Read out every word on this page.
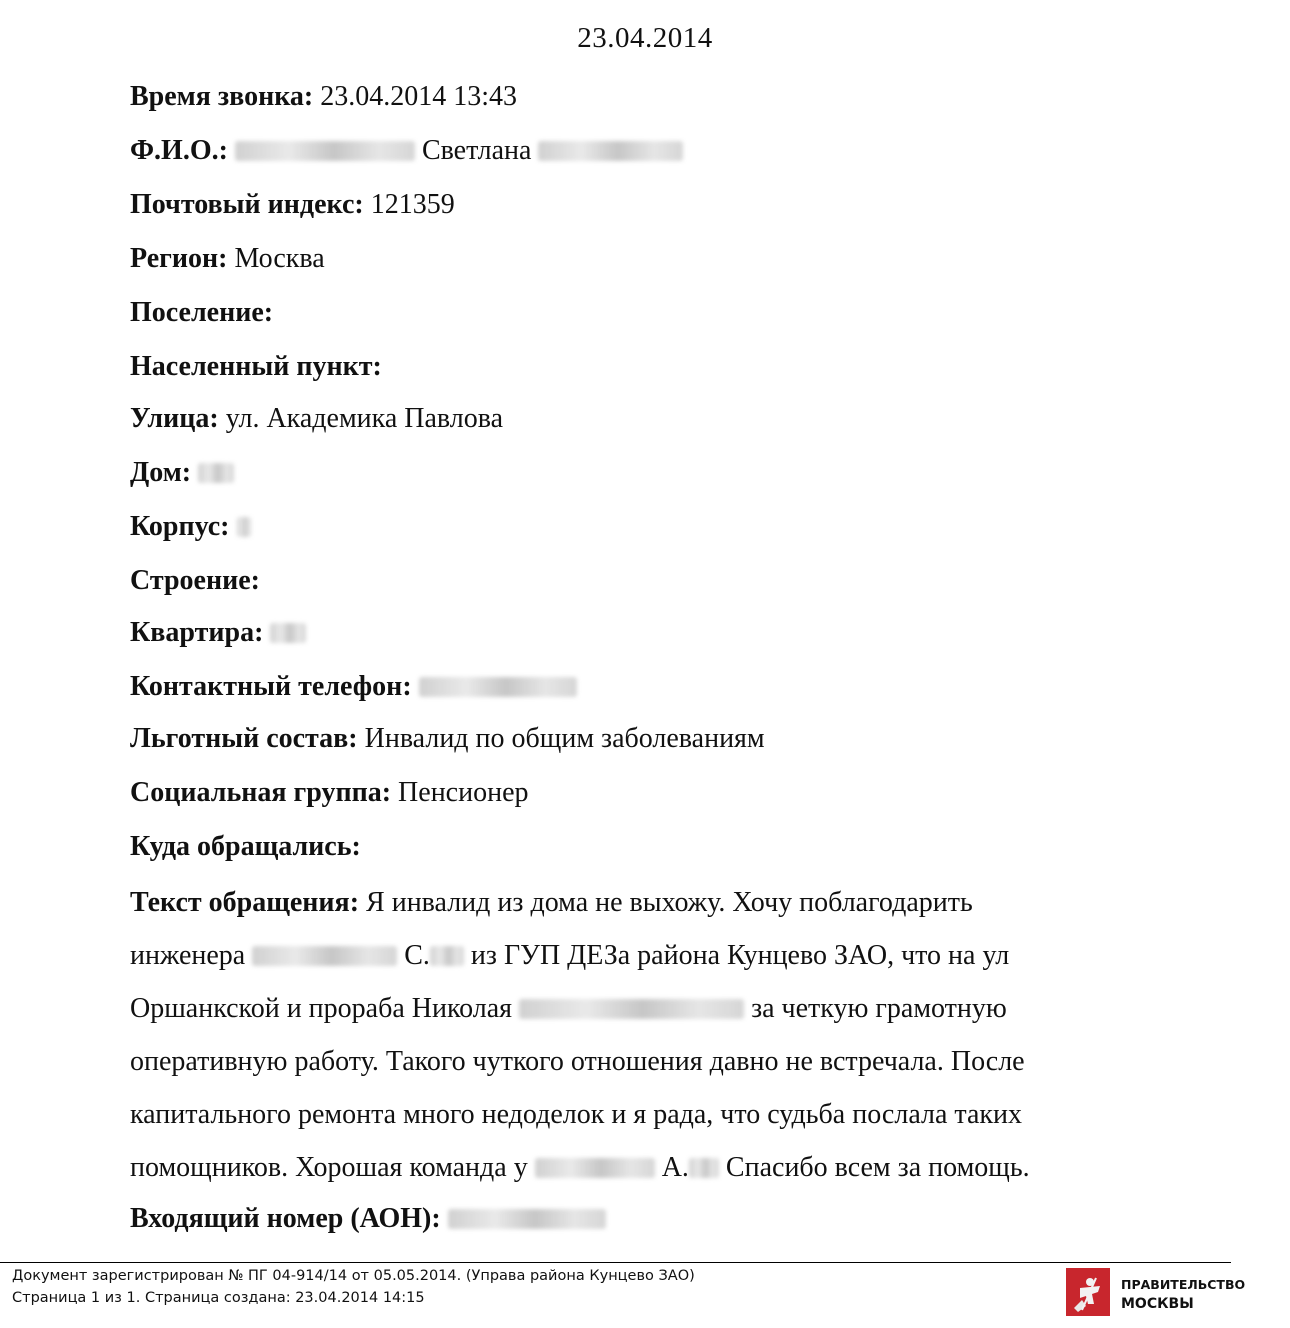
23.04.2014
Время звонка: 23.04.2014 13:43
Ф.И.О.:	Светлана
Почтовый индекс: 121359
Регион: Москва
Поселение:
Населенный пункт:
Улица: ул. Академика Павлова
Дом:
Корпус:
Строение:
Квартира:
Контактный телефон:
Льготный состав: Инвалид по общим заболеваниям
Социальная группа: Пенсионер
Куда обращались:
Текст обращения: Я инвалид из дома не выхожу. Хочу поблагодарить
инженера	С. из ГУП ДЕЗа района Кунцево ЗАО, что на ул
Оршанкской и прораба Николая	за четкую грамотную
оперативную работу. Такого чуткого отношения давно не встречала. После
капитального ремонта много недоделок и я рада, что судьба послала таких
помощников. Хорошая команда у	А. Спасибо всем за помощь.
Входящий номер (АОН):
Документ зарегистрирован № ПГ 04-914/14 от 05.05.2014. (Управа района Кунцево ЗАО)
Страница 1 из 1. Страница создана: 23.04.2014 14:15
ПРАВИТЕЛЬСТВО
МОСКВЫ
